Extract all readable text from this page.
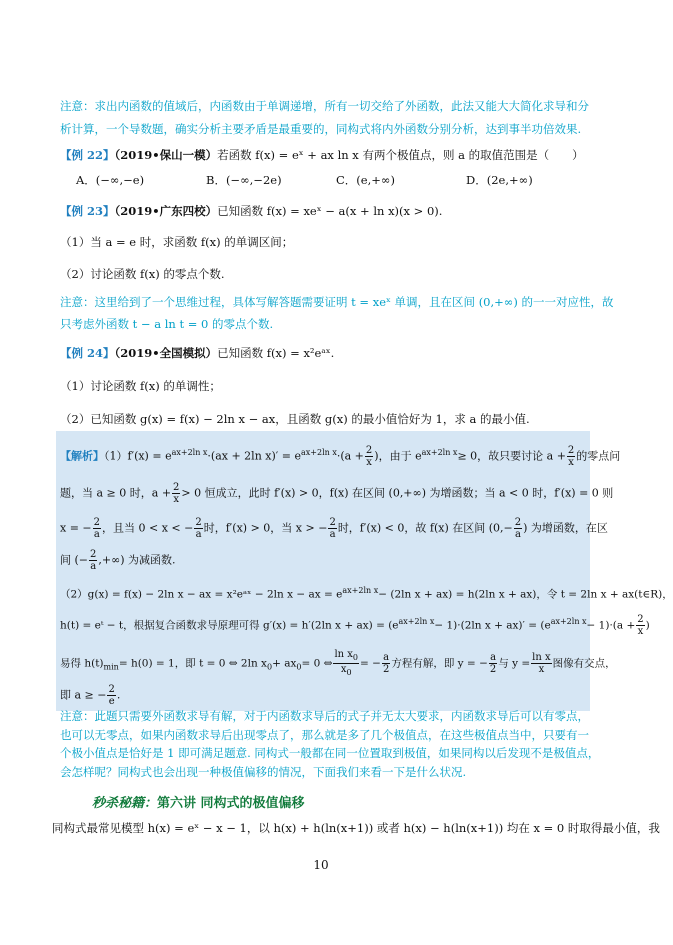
注意：求出内函数的值域后，内函数由于单调递增，所有一切交给了外函数，此法又能大大简化求导和分
析计算，一个导数题，确实分析主要矛盾是最重要的，同构式将内外函数分别分析，达到事半功倍效果.
【例 22】（2019•保山一模）若函数 f(x) = eˣ + ax ln x 有两个极值点，则 a 的取值范围是（　　）
A．(−∞,−e)	B．(−∞,−2e)	C．(e,+∞)	D．(2e,+∞)
【例 23】（2019•广东四校）已知函数 f(x) = xeˣ − a(x + ln x)(x > 0).
（1）当 a = e 时，求函数 f(x) 的单调区间；
（2）讨论函数 f(x) 的零点个数.
注意：这里给到了一个思维过程，具体写解答题需要证明 t = xeˣ 单调，且在区间 (0,+∞) 的一一对应性，故
只考虑外函数 t − a ln t = 0 的零点个数.
【例 24】（2019•全国模拟）已知函数 f(x) = x²eᵃˣ.
（1）讨论函数 f(x) 的单调性；
（2）已知函数 g(x) = f(x) − 2ln x − ax，且函数 g(x) 的最小值恰好为 1，求 a 的最小值.
【解析】$(1)f'(x) = e^{ax+2ln x}\cdot(ax + 2\ln$ $x)' = e^{ax+2ln x}\cdot(a + \frac{2}{x}$ )，由于 $e^{ax+2ln x}\ge 0$，故只要讨论 $a + \frac{2}{x}$ 的零点问
题，当 a ≥ 0 时，$a + \frac{2}{x} > 0$ 恒成立，此时 f′(x) > 0，f(x) 在区间 (0,+∞) 为增函数；当 a < 0 时，f′(x) = 0 则
x = − $\frac{2}{a}$ ，且当 0 < x < − $\frac{2}{a}$ 时，f′(x) > 0，当 x > − $\frac{2}{a}$ 时，f′(x) < 0，故 f(x) 在区间 ($0,- \frac{2}{a}$ ) 为增函数，在区
间 (− $\frac{2}{a}$ ,+∞) 为减函数.
（2）g(x) = f(x) − 2ln x − ax = x²eᵃˣ − 2ln x − ax = $e^{ax+2ln x}- (2\ln$ x + ax) = h(2ln x + ax)，令 t = 2ln x + ax(t∈R)，
h(t) = eᵗ − t，根据复合函数求导原理可得 g′(x) = h′(2ln $x + ax) = (e^{ax+2ln x}- 1)\cdot(2\ln$ $x + ax)' = (e^{ax+2ln x}- 1)\cdot(a + \frac{2}{x}$ )
易得 $h(t)_{min}= h(0) = 1$，即 t = 0 ⇔ 2ln $x_0+ ax_0= 0$ ⇔ $\frac{\ln x_0}{x_0}$ = − $\frac{a}{2}$ 方程有解，即 y = − $\frac{a}{2}$ 与 $y = \frac{\text{ln x}}{x}$ 图像有交点，
即 a ≥ − $\frac{2}{e}$ .
注意：此题只需要外函数求导有解，对于内函数求导后的式子并无太大要求，内函数求导后可以有零点，
也可以无零点，如果内函数求导后出现零点了，那么就是多了几个极值点，在这些极值点当中，只要有一
个极小值点是恰好是 1 即可满足题意. 同构式一般都在同一位置取到极值，如果同构以后发现不是极值点，
会怎样呢？同构式也会出现一种极值偏移的情况，下面我们来看一下是什么状况.
秒杀秘籍：第六讲 同构式的极值偏移
同构式最常见模型 h(x) = eˣ − x − 1，以 h(x) + h(ln(x+1)) 或者 h(x) − h(ln(x+1)) 均在 x = 0 时取得最小值，我
10
